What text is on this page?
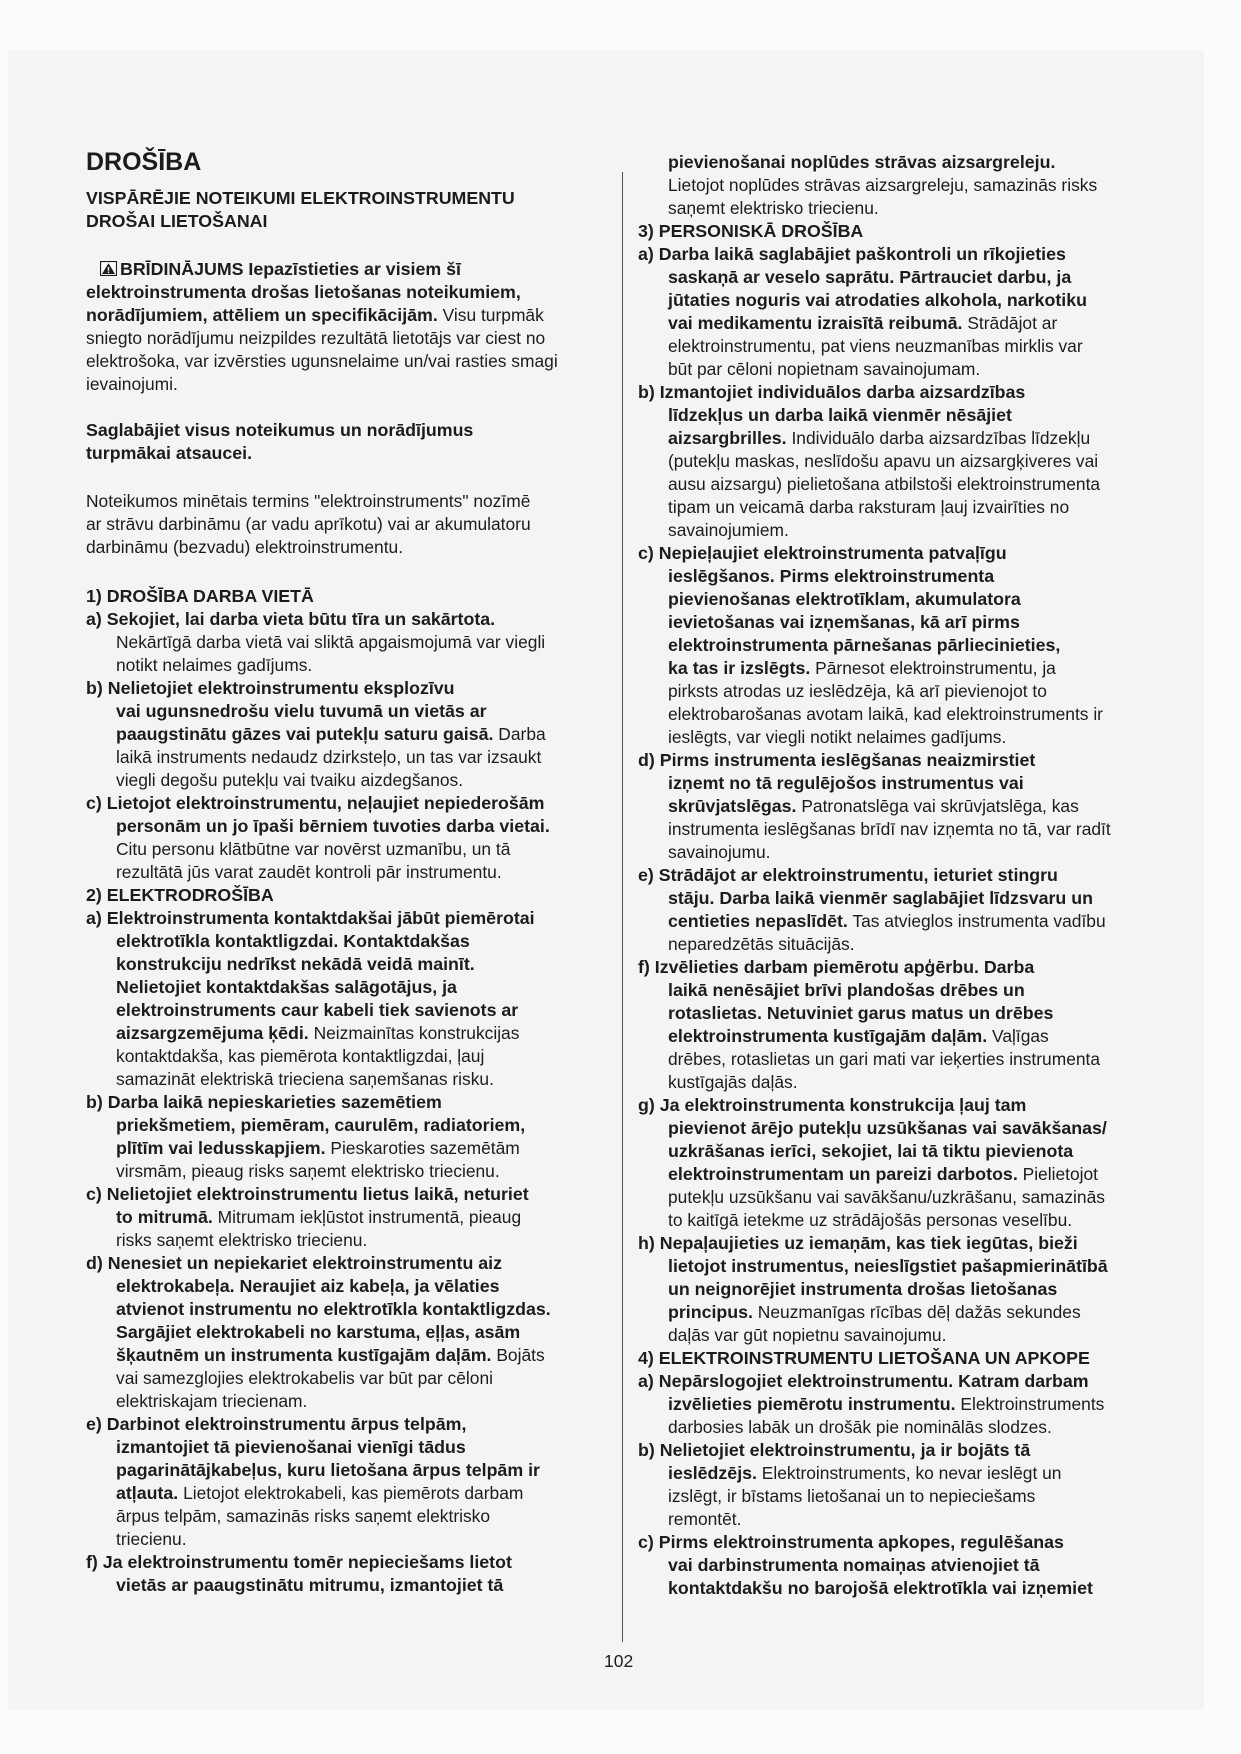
DROŠĪBA
VISPĀRĒJIE NOTEIKUMI ELEKTROINSTRUMENTU
DROŠAI LIETOŠANAI
BRĪDINĀJUMS Iepazīstieties ar visiem šī
elektroinstrumenta drošas lietošanas noteikumiem,
norādījumiem, attēliem un specifikācijām. Visu turpmāk
sniegto norādījumu neizpildes rezultātā lietotājs var ciest no
elektrošoka, var izvērsties ugunsnelaime un/vai rasties smagi
ievainojumi.
Saglabājiet visus noteikumus un norādījumus
turpmākai atsaucei.
Noteikumos minētais termins "elektroinstruments" nozīmē
ar strāvu darbināmu (ar vadu aprīkotu) vai ar akumulatoru
darbināmu (bezvadu) elektroinstrumentu.
1) DROŠĪBA DARBA VIETĀ
a) Sekojiet, lai darba vieta būtu tīra un sakārtota.
Nekārtīgā darba vietā vai sliktā apgaismojumā var viegli
notikt nelaimes gadījums.
b) Nelietojiet elektroinstrumentu eksplozīvu
vai ugunsnedrošu vielu tuvumā un vietās ar
paaugstinātu gāzes vai putekļu saturu gaisā. Darba
laikā instruments nedaudz dzirksteļo, un tas var izsaukt
viegli degošu putekļu vai tvaiku aizdegšanos.
c) Lietojot elektroinstrumentu, neļaujiet nepiederošām
personām un jo īpaši bērniem tuvoties darba vietai.
Citu personu klātbūtne var novērst uzmanību, un tā
rezultātā jūs varat zaudēt kontroli pār instrumentu.
2) ELEKTRODROŠĪBA
a) Elektroinstrumenta kontaktdakšai jābūt piemērotai
elektrotīkla kontaktligzdai. Kontaktdakšas
konstrukciju nedrīkst nekādā veidā mainīt.
Nelietojiet kontaktdakšas salāgotājus, ja
elektroinstruments caur kabeli tiek savienots ar
aizsargzemējuma ķēdi. Neizmainītas konstrukcijas
kontaktdakša, kas piemērota kontaktligzdai, ļauj
samazināt elektriskā trieciena saņemšanas risku.
b) Darba laikā nepieskarieties sazemētiem
priekšmetiem, piemēram, caurulēm, radiatoriem,
plītīm vai ledusskapjiem. Pieskaroties sazemētām
virsmām, pieaug risks saņemt elektrisko triecienu.
c) Nelietojiet elektroinstrumentu lietus laikā, neturiet
to mitrumā. Mitrumam iekļūstot instrumentā, pieaug
risks saņemt elektrisko triecienu.
d) Nenesiet un nepiekariet elektroinstrumentu aiz
elektrokabeļa. Neraujiet aiz kabeļa, ja vēlaties
atvienot instrumentu no elektrotīkla kontaktligzdas.
Sargājiet elektrokabeli no karstuma, eļļas, asām
šķautnēm un instrumenta kustīgajām daļām. Bojāts
vai samezglojies elektrokabelis var būt par cēloni
elektriskajam triecienam.
e) Darbinot elektroinstrumentu ārpus telpām,
izmantojiet tā pievienošanai vienīgi tādus
pagarinātājkabeļus, kuru lietošana ārpus telpām ir
atļauta. Lietojot elektrokabeli, kas piemērots darbam
ārpus telpām, samazinās risks saņemt elektrisko
triecienu.
f) Ja elektroinstrumentu tomēr nepieciešams lietot
vietās ar paaugstinātu mitrumu, izmantojiet tā
pievienošanai noplūdes strāvas aizsargreleju.
Lietojot noplūdes strāvas aizsargreleju, samazinās risks
saņemt elektrisko triecienu.
3) PERSONISKĀ DROŠĪBA
a) Darba laikā saglabājiet paškontroli un rīkojieties
saskaņā ar veselo saprātu. Pārtrauciet darbu, ja
jūtaties noguris vai atrodaties alkohola, narkotiku
vai medikamentu izraisītā reibumā. Strādājot ar
elektroinstrumentu, pat viens neuzmanības mirklis var
būt par cēloni nopietnam savainojumam.
b) Izmantojiet individuālos darba aizsardzības
līdzekļus un darba laikā vienmēr nēsājiet
aizsargbrilles. Individuālo darba aizsardzības līdzekļu
(putekļu maskas, neslīdošu apavu un aizsargķiveres vai
ausu aizsargu) pielietošana atbilstoši elektroinstrumenta
tipam un veicamā darba raksturam ļauj izvairīties no
savainojumiem.
c) Nepieļaujiet elektroinstrumenta patvaļīgu
ieslēgšanos. Pirms elektroinstrumenta
pievienošanas elektrotīklam, akumulatora
ievietošanas vai izņemšanas, kā arī pirms
elektroinstrumenta pārnešanas pārliecinieties,
ka tas ir izslēgts. Pārnesot elektroinstrumentu, ja
pirksts atrodas uz ieslēdzēja, kā arī pievienojot to
elektrobarošanas avotam laikā, kad elektroinstruments ir
ieslēgts, var viegli notikt nelaimes gadījums.
d) Pirms instrumenta ieslēgšanas neaizmirstiet
izņemt no tā regulējošos instrumentus vai
skrūvjatslēgas. Patronatslēga vai skrūvjatslēga, kas
instrumenta ieslēgšanas brīdī nav izņemta no tā, var radīt
savainojumu.
e) Strādājot ar elektroinstrumentu, ieturiet stingru
stāju. Darba laikā vienmēr saglabājiet līdzsvaru un
centieties nepaslīdēt. Tas atvieglos instrumenta vadību
neparedzētās situācijās.
f) Izvēlieties darbam piemērotu apģērbu. Darba
laikā nenēsājiet brīvi plandošas drēbes un
rotaslietas. Netuviniet garus matus un drēbes
elektroinstrumenta kustīgajām daļām. Vaļīgas
drēbes, rotaslietas un gari mati var ieķerties instrumenta
kustīgajās daļās.
g) Ja elektroinstrumenta konstrukcija ļauj tam
pievienot ārējo putekļu uzsūkšanas vai savākšanas/
uzkrāšanas ierīci, sekojiet, lai tā tiktu pievienota
elektroinstrumentam un pareizi darbotos. Pielietojot
putekļu uzsūkšanu vai savākšanu/uzkrāšanu, samazinās
to kaitīgā ietekme uz strādājošās personas veselību.
h) Nepaļaujieties uz iemaņām, kas tiek iegūtas, bieži
lietojot instrumentus, neieslīgstiet pašapmierinātībā
un neignorējiet instrumenta drošas lietošanas
principus. Neuzmanīgas rīcības dēļ dažās sekundes
daļās var gūt nopietnu savainojumu.
4) ELEKTROINSTRUMENTU LIETOŠANA UN APKOPE
a) Nepārslogojiet elektroinstrumentu. Katram darbam
izvēlieties piemērotu instrumentu. Elektroinstruments
darbosies labāk un drošāk pie nominālās slodzes.
b) Nelietojiet elektroinstrumentu, ja ir bojāts tā
ieslēdzējs. Elektroinstruments, ko nevar ieslēgt un
izslēgt, ir bīstams lietošanai un to nepieciešams
remontēt.
c) Pirms elektroinstrumenta apkopes, regulēšanas
vai darbinstrumenta nomaiņas atvienojiet tā
kontaktdakšu no barojošā elektrotīkla vai izņemiet
102
